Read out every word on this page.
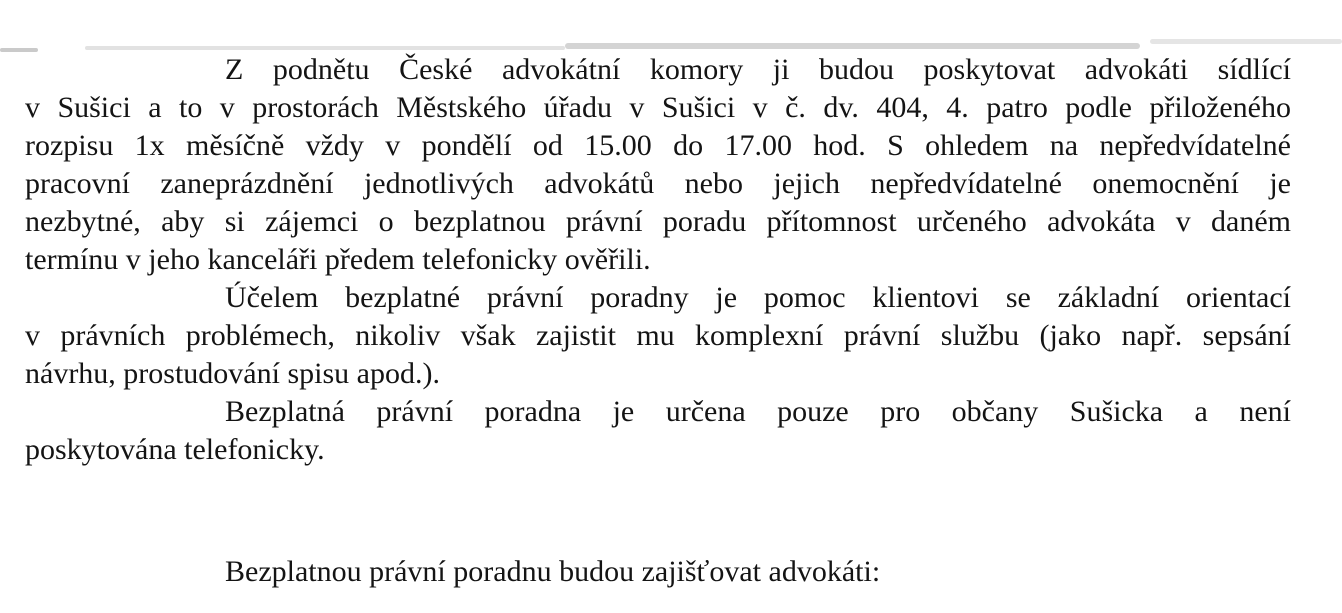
Z podnětu České advokátní komory ji budou poskytovat advokáti sídlící
v Sušici a to v prostorách Městského úřadu v Sušici v č. dv. 404, 4. patro podle přiloženého
rozpisu 1x měsíčně vždy v pondělí od 15.00 do 17.00 hod. S ohledem na nepředvídatelné
pracovní zaneprázdnění jednotlivých advokátů nebo jejich nepředvídatelné onemocnění je
nezbytné, aby si zájemci o bezplatnou právní poradu přítomnost určeného advokáta v daném
termínu v jeho kanceláři předem telefonicky ověřili.
Účelem bezplatné právní poradny je pomoc klientovi se základní orientací
v právních problémech, nikoliv však zajistit mu komplexní právní službu (jako např. sepsání
návrhu, prostudování spisu apod.).
Bezplatná právní poradna je určena pouze pro občany Sušicka a není
poskytována telefonicky.
Bezplatnou právní poradnu budou zajišťovat advokáti:
